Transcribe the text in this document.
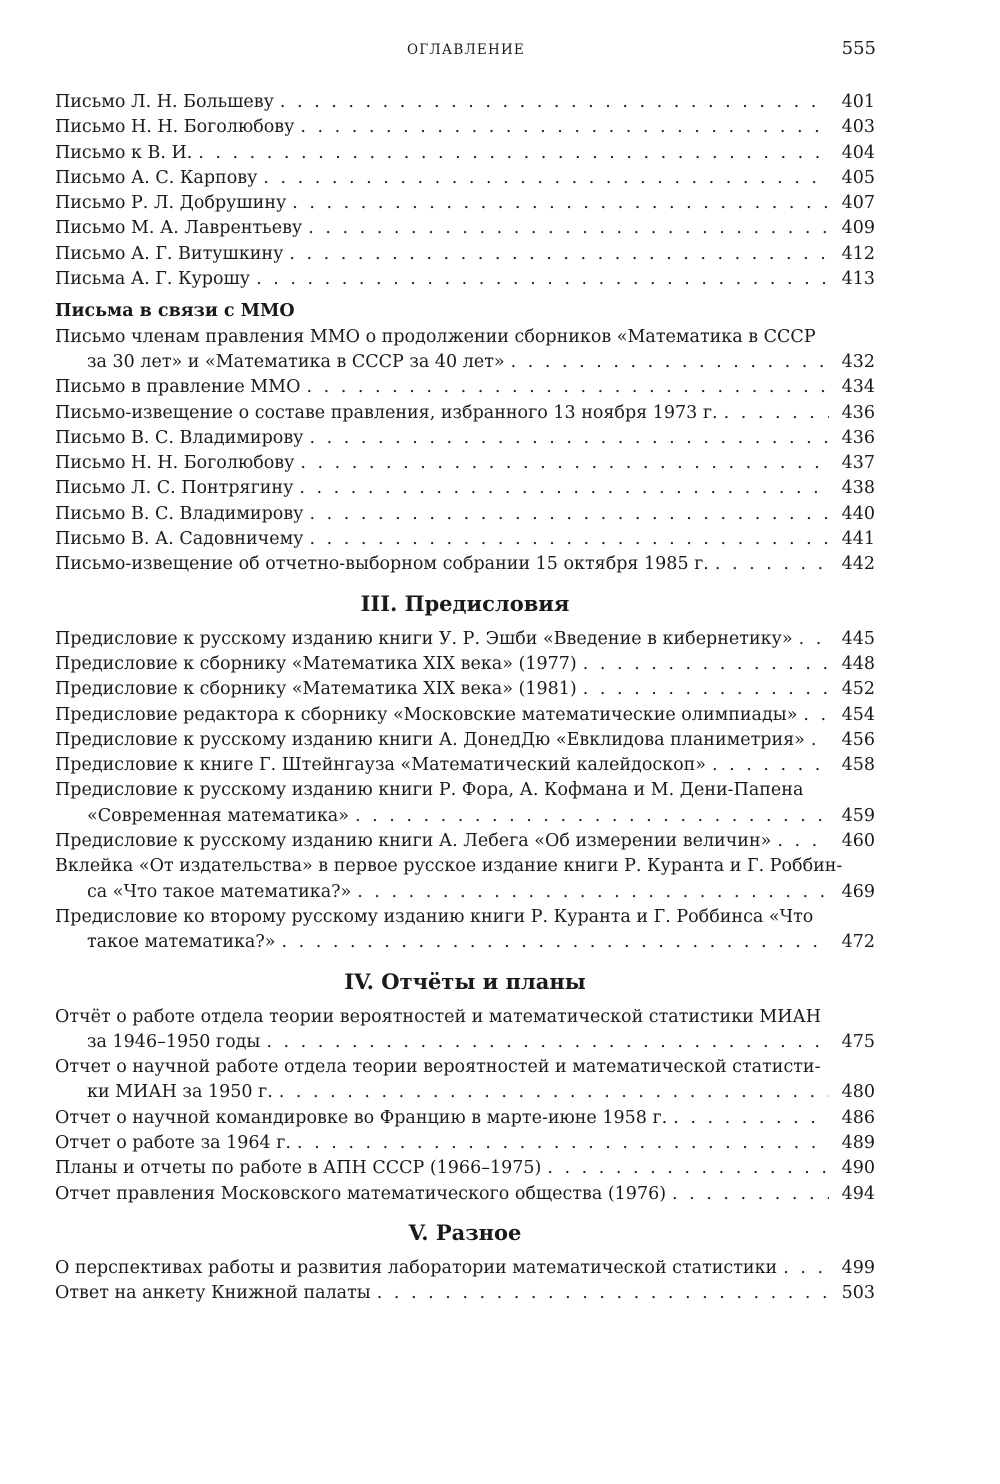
ОГЛАВЛЕНИЕ	555
Письмо Л. Н. Большеву . . .	401
Письмо Н. Н. Боголюбову . . .	403
Письмо к В. И. . . .	404
Письмо А. С. Карпову . . .	405
Письмо Р. Л. Добрушину . . .	407
Письмо М. А. Лаврентьеву . . .	409
Письмо А. Г. Витушкину . . .	412
Письма А. Г. Курошу . . .	413
Письма в связи с ММО
Письмо членам правления ММО о продолжении сборников «Математика в СССР
за 30 лет» и «Математика в СССР за 40 лет» . . .	432
Письмо в правление ММО . . .	434
Письмо-извещение о составе правления, избранного 13 ноября 1973 г. . . .	436
Письмо В. С. Владимирову . . .	436
Письмо Н. Н. Боголюбову . . .	437
Письмо Л. С. Понтрягину . . .	438
Письмо В. С. Владимирову . . .	440
Письмо В. А. Садовничему . . .	441
Письмо-извещение об отчетно-выборном собрании 15 октября 1985 г. . . .	442
III. Предисловия
Предисловие к русскому изданию книги У. Р. Эшби «Введение в кибернетику» . . .	445
Предисловие к сборнику «Математика XIX века» (1977) . . .	448
Предисловие к сборнику «Математика XIX века» (1981) . . .	452
Предисловие редактора к сборнику «Московские математические олимпиады» . . .	454
Предисловие к русскому изданию книги А. ДонедДю «Евклидова планиметрия» . . .	456
Предисловие к книге Г. Штейнгауза «Математический калейдоскоп» . . .	458
Предисловие к русскому изданию книги Р. Фора, А. Кофмана и М. Дени-Папена
«Современная математика» . . .	459
Предисловие к русскому изданию книги А. Лебега «Об измерении величин» . . .	460
Вклейка «От издательства» в первое русское издание книги Р. Куранта и Г. Роббин-
са «Что такое математика?» . . .	469
Предисловие ко второму русскому изданию книги Р. Куранта и Г. Роббинса «Что
такое математика?» . . .	472
IV. Отчёты и планы
Отчёт о работе отдела теории вероятностей и математической статистики МИАН
за 1946–1950 годы . . .	475
Отчет о научной работе отдела теории вероятностей и математической статисти-
ки МИАН за 1950 г. . . .	480
Отчет о научной командировке во Францию в марте-июне 1958 г. . . .	486
Отчет о работе за 1964 г. . . .	489
Планы и отчеты по работе в АПН СССР (1966–1975) . . .	490
Отчет правления Московского математического общества (1976) . . .	494
V. Разное
О перспективах работы и развития лаборатории математической статистики . . .	499
Ответ на анкету Книжной палаты . . .	503
